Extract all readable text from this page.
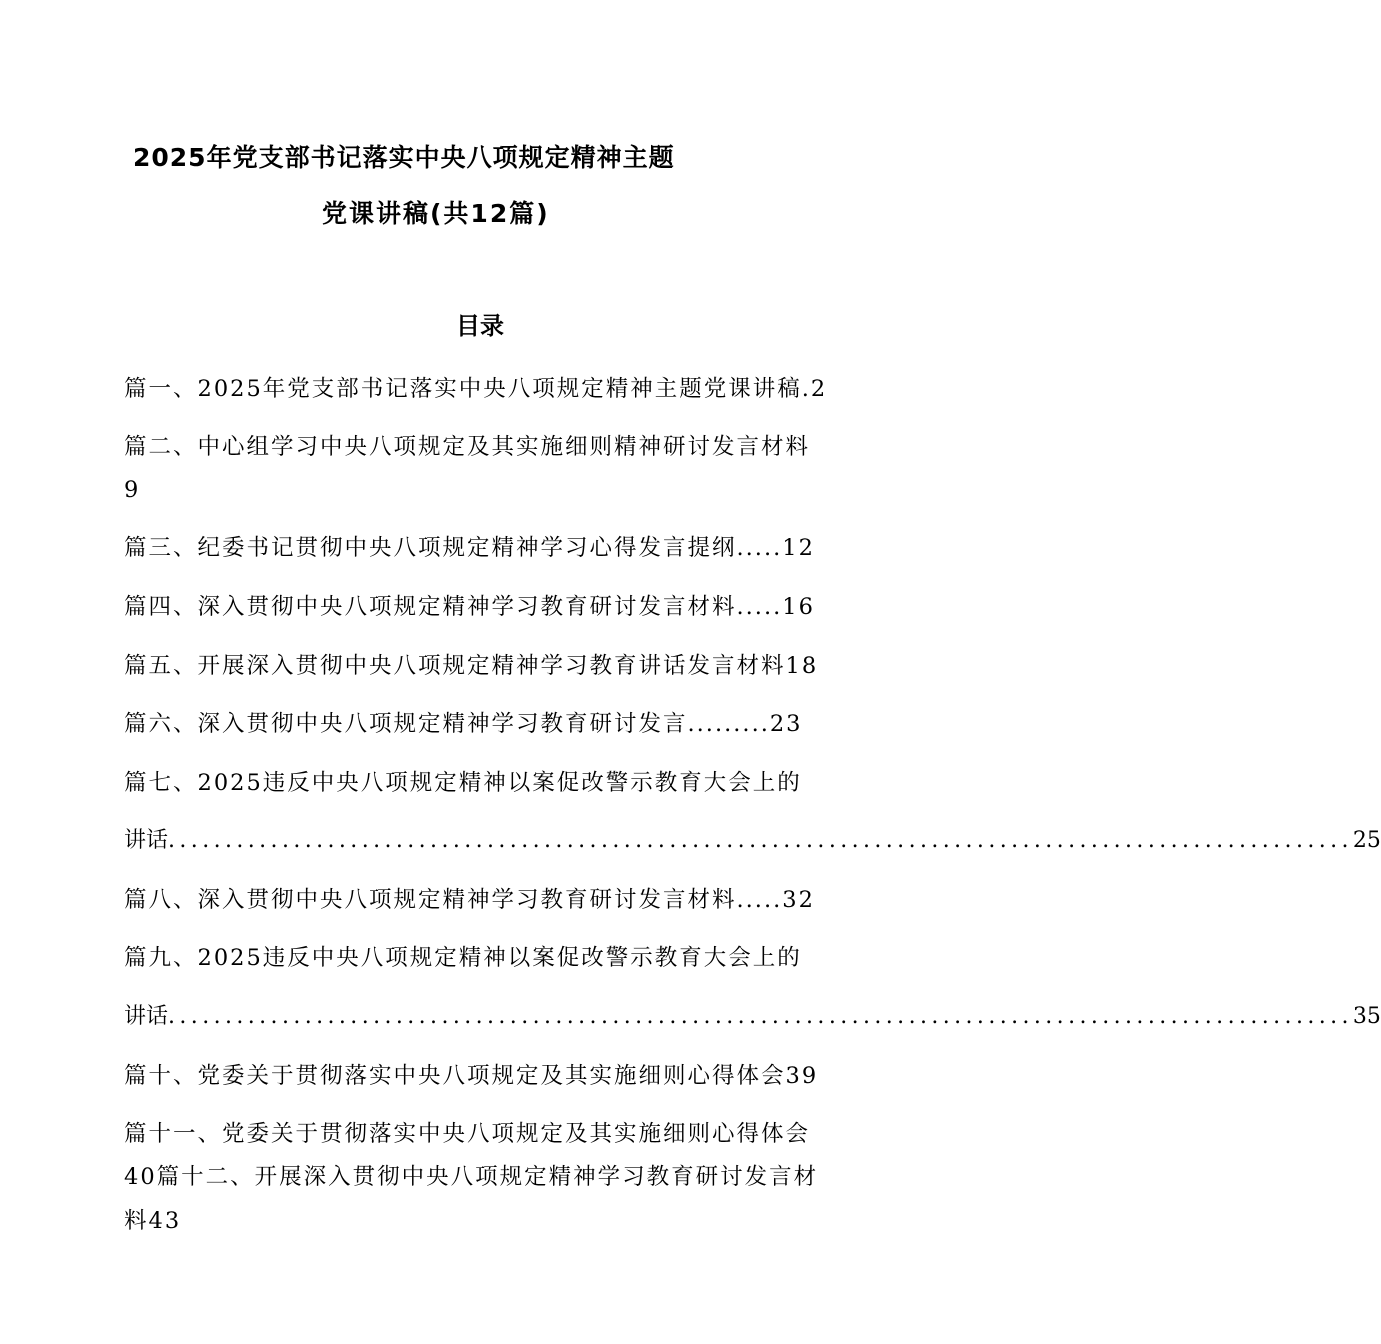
2025年党支部书记落实中央八项规定精神主题
党课讲稿(共12篇)
目录
篇一、2025年党支部书记落实中央八项规定精神主题党课讲稿.2
篇二、中心组学习中央八项规定及其实施细则精神研讨发言材料
9
篇三、纪委书记贯彻中央八项规定精神学习心得发言提纲.....12
篇四、深入贯彻中央八项规定精神学习教育研讨发言材料.....16
篇五、开展深入贯彻中央八项规定精神学习教育讲话发言材料18
篇六、深入贯彻中央八项规定精神学习教育研讨发言.........23
篇七、2025违反中央八项规定精神以案促改警示教育大会上的
讲话 ........................................................................................................ 25
篇八、深入贯彻中央八项规定精神学习教育研讨发言材料.....32
篇九、2025违反中央八项规定精神以案促改警示教育大会上的
讲话 ........................................................................................................ 35
篇十、党委关于贯彻落实中央八项规定及其实施细则心得体会39
篇十一、党委关于贯彻落实中央八项规定及其实施细则心得体会
40篇十二、开展深入贯彻中央八项规定精神学习教育研讨发言材
料43
